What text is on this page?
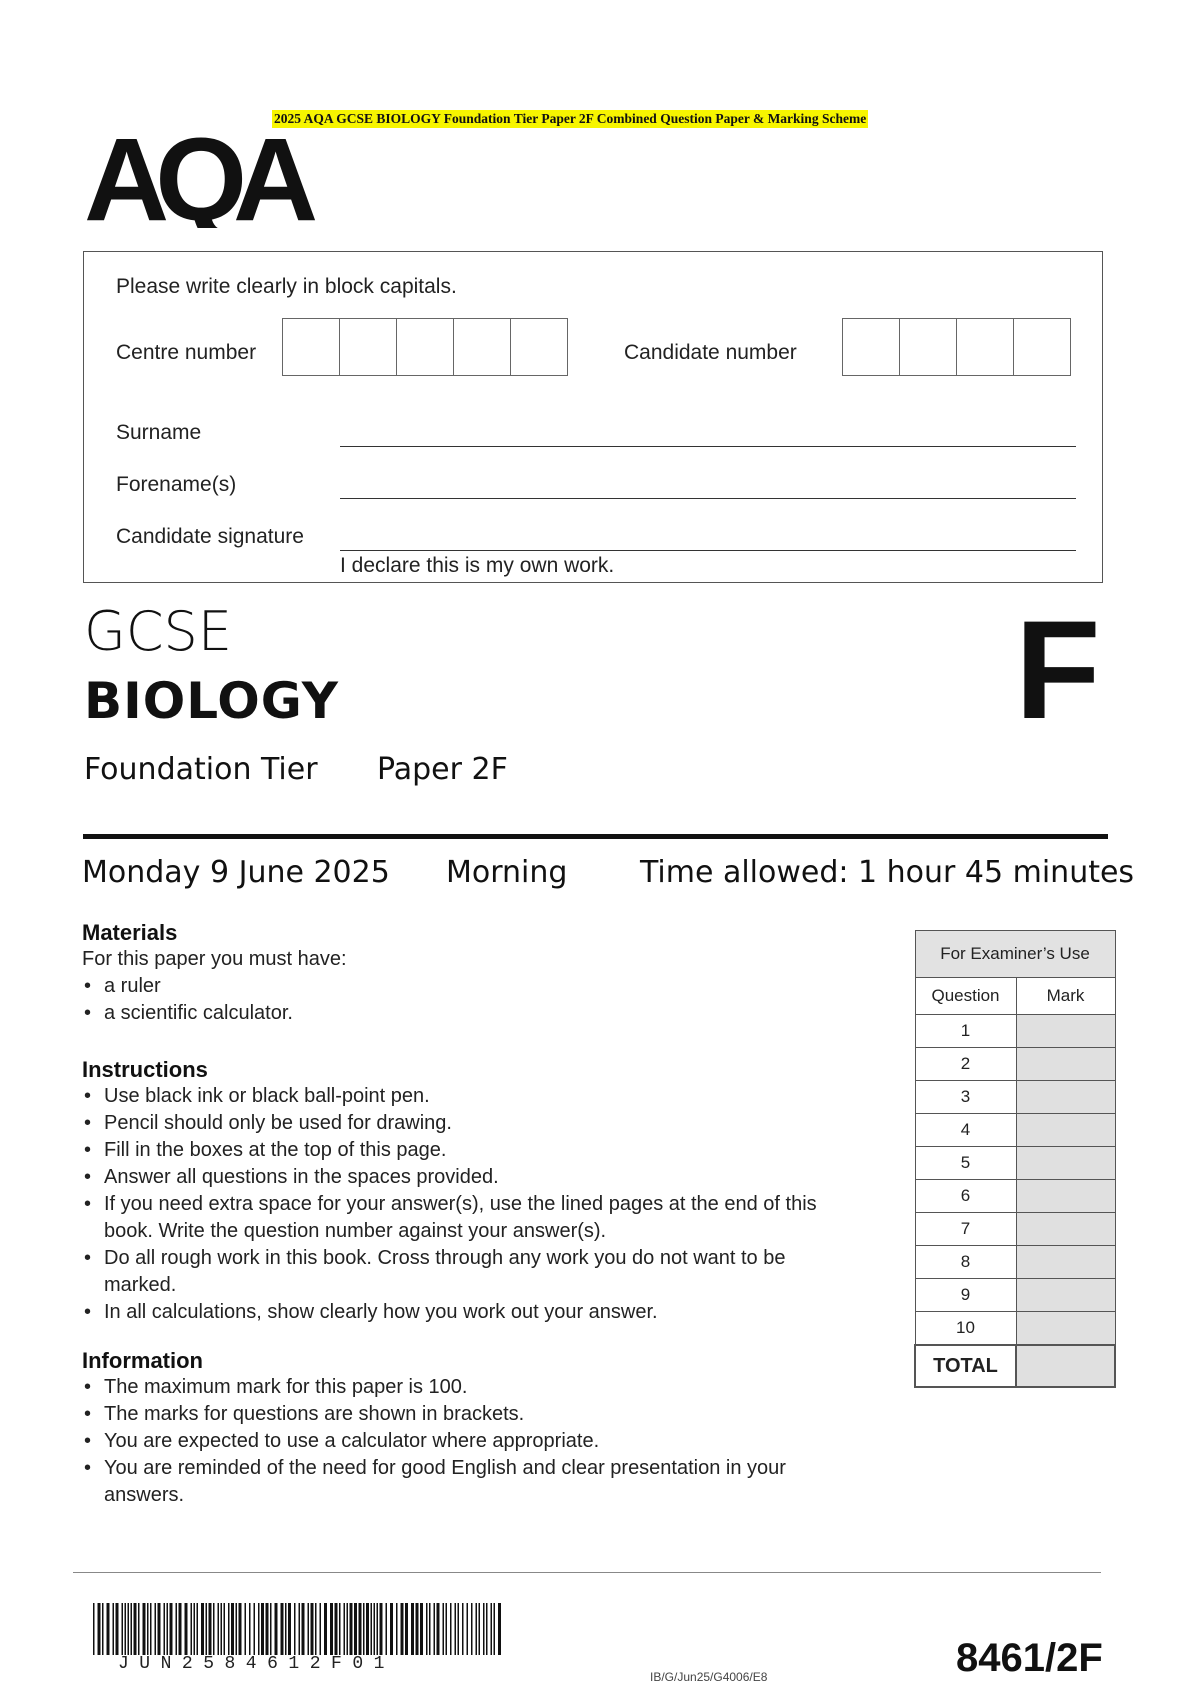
2025 AQA GCSE BIOLOGY Foundation Tier Paper 2F Combined Question Paper & Marking Scheme
AQA
Please write clearly in block capitals.
Centre number	Candidate number
Surname
Forename(s)
Candidate signature
I declare this is my own work.
GCSE
BIOLOGY
Foundation Tier Paper 2F
F
Monday 9 June 2025 Morning Time allowed: 1 hour 45 minutes
Materials
For this paper you must have:
• a ruler
• a scientific calculator.
Instructions
• Use black ink or black ball-point pen.
• Pencil should only be used for drawing.
• Fill in the boxes at the top of this page.
• Answer all questions in the spaces provided.
• If you need extra space for your answer(s), use the lined pages at the end of this book. Write the question number against your answer(s).
• Do all rough work in this book. Cross through any work you do not want to be marked.
• In all calculations, show clearly how you work out your answer.
Information
• The maximum mark for this paper is 100.
• The marks for questions are shown in brackets.
• You are expected to use a calculator where appropriate.
• You are reminded of the need for good English and clear presentation in your answers.
For Examiner’s Use	
Question	Mark
1	
2	
3	
4	
5	
6	
7	
8	
9	
10	
TOTAL	
JUN2584612F01
IB/G/Jun25/G4006/E8	8461/2F
